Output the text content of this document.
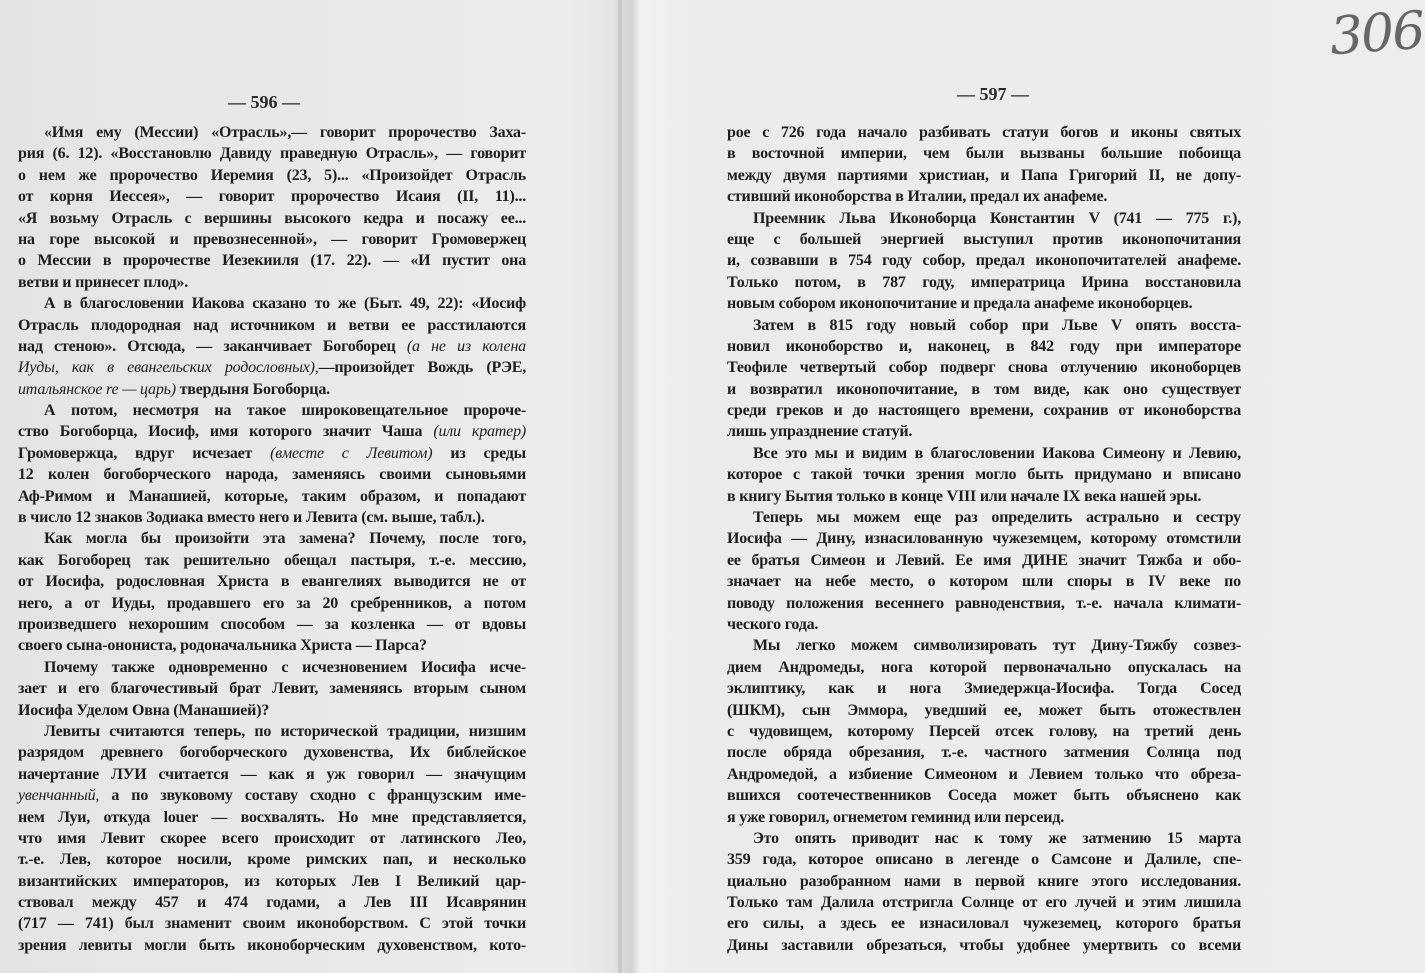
— 596 —
«Имя ему (Мессии) «Отрасль»,— говорит пророчество Заха-
рия (6. 12). «Восстановлю Давиду праведную Отрасль», — говорит
о нем же пророчество Иеремия (23, 5)... «Произойдет Отрасль
от корня Иессея», — говорит пророчество Исаия (II, 11)...
«Я возьму Отрасль с вершины высокого кедра и посажу ее...
на горе высокой и превознесенной», — говорит Громовержец
о Мессии в пророчестве Иезекииля (17. 22). — «И пустит она
ветви и принесет плод».
А в благословении Иакова сказано то же (Быт. 49, 22): «Иосиф
Отрасль плодородная над источником и ветви ее расстилаются
над стеною». Отсюда, — заканчивает Богоборец (а не из колена
Иуды, как в евангельских родословных),—произойдет Вождь (РЭЕ,
итальянское re — царь) твердыня Богоборца.
А потом, несмотря на такое широковещательное пророче-
ство Богоборца, Иосиф, имя которого значит Чаша (или кратер)
Громовержца, вдруг исчезает (вместе с Левитом) из среды
12 колен богоборческого народа, заменяясь своими сыновьями
Аф-Римом и Манашией, которые, таким образом, и попадают
в число 12 знаков Зодиака вместо него и Левита (см. выше, табл.).
Как могла бы произойти эта замена? Почему, после того,
как Богоборец так решительно обещал пастыря, т.-е. мессию,
от Иосифа, родословная Христа в евангелиях выводится не от
него, а от Иуды, продавшего его за 20 сребренников, а потом
произведшего нехорошим способом — за козленка — от вдовы
своего сына-онониста, родоначальника Христа — Парса?
Почему также одновременно с исчезновением Иосифа исче-
зает и его благочестивый брат Левит, заменяясь вторым сыном
Иосифа Уделом Овна (Манашией)?
Левиты считаются теперь, по исторической традиции, низшим
разрядом древнего богоборческого духовенства, Их библейское
начертание ЛУИ считается — как я уж говорил — значущим
увенчанный, а по звуковому составу сходно с французским име-
нем Луи, откуда louer — восхвалять. Но мне представляется,
что имя Левит скорее всего происходит от латинского Лео,
т.-е. Лев, которое носили, кроме римских пап, и несколько
византийских императоров, из которых Лев I Великий цар-
ствовал между 457 и 474 годами, а Лев III Исаврянин
(717 — 741) был знаменит своим иконоборством. С этой точки
зрения левиты могли быть иконоборческим духовенством, кото-
— 597 —
рое с 726 года начало разбивать статуи богов и иконы святых
в восточной империи, чем были вызваны большие побоища
между двумя партиями христиан, и Папа Григорий II, не допу-
стивший иконоборства в Италии, предал их анафеме.
Преемник Льва Иконоборца Константин V (741 — 775 г.),
еще с большей энергией выступил против иконопочитания
и, созвавши в 754 году собор, предал иконопочитателей анафеме.
Только потом, в 787 году, императрица Ирина восстановила
новым собором иконопочитание и предала анафеме иконоборцев.
Затем в 815 году новый собор при Льве V опять восста-
новил иконоборство и, наконец, в 842 году при императоре
Теофиле четвертый собор подверг снова отлучению иконоборцев
и возвратил иконопочитание, в том виде, как оно существует
среди греков и до настоящего времени, сохранив от иконоборства
лишь упразднение статуй.
Все это мы и видим в благословении Иакова Симеону и Левию,
которое с такой точки зрения могло быть придумано и вписано
в книгу Бытия только в конце VIII или начале IX века нашей эры.
Теперь мы можем еще раз определить астрально и сестру
Иосифа — Дину, изнасилованную чужеземцем, которому отомстили
ее братья Симеон и Левий. Ее имя ДИНЕ значит Тяжба и обо-
значает на небе место, о котором шли споры в IV веке по
поводу положения весеннего равноденствия, т.-е. начала климати-
ческого года.
Мы легко можем символизировать тут Дину-Тяжбу созвез-
дием Андромеды, нога которой первоначально опускалась на
эклиптику, как и нога Змиедержца-Иосифа. Тогда Сосед
(ШКМ), сын Эммора, уведший ее, может быть отожествлен
с чудовищем, которому Персей отсек голову, на третий день
после обряда обрезания, т.-е. частного затмения Солнца под
Андромедой, а избиение Симеоном и Левием только что обреза-
вшихся соотечественников Соседа может быть объяснено как
я уже говорил, огнеметом геминид или персеид.
Это опять приводит нас к тому же затмению 15 марта
359 года, которое описано в легенде о Самсоне и Далиле, спе-
циально разобранном нами в первой книге этого исследования.
Только там Далила отстригла Солнце от его лучей и этим лишила
его силы, а здесь ее изнасиловал чужеземец, которого братья
Дины заставили обрезаться, чтобы удобнее умертвить со всеми
306
